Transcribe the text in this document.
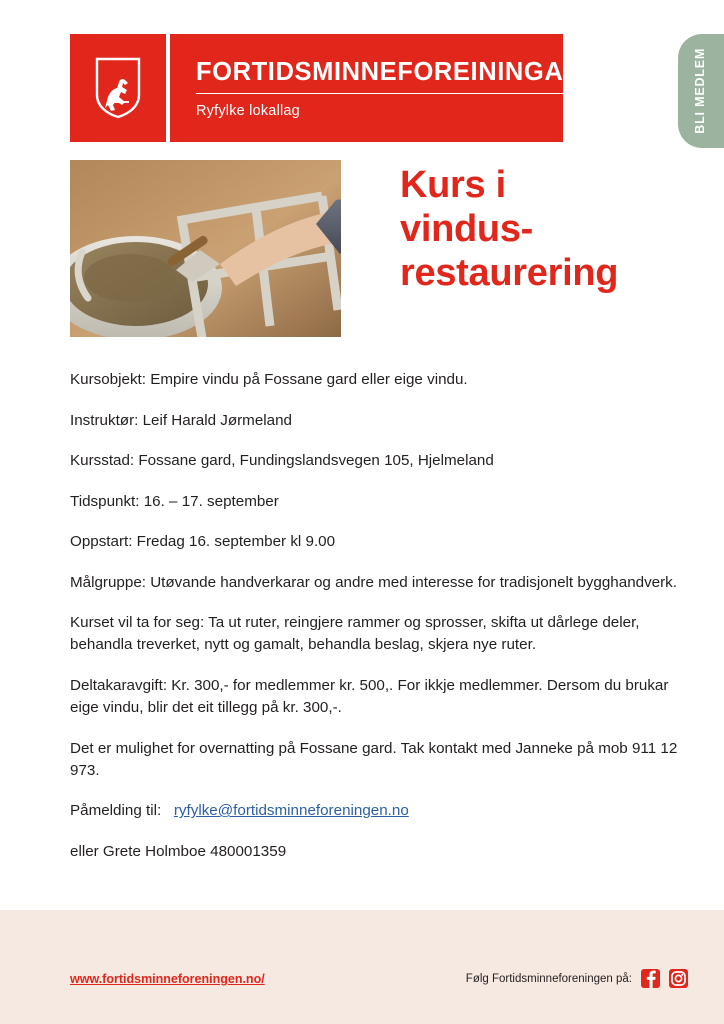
FORTIDSMINNEFOREININGA
Ryfylke lokallag	BLI MEDLEM
Kurs i
vindus-
restaurering

Kursobjekt: Empire vindu på Fossane gard eller eige vindu.

Instruktør: Leif Harald Jørmeland

Kursstad: Fossane gard, Fundingslandsvegen 105, Hjelmeland

Tidspunkt: 16. – 17. september

Oppstart: Fredag 16. september kl 9.00

Målgruppe: Utøvande handverkarar og andre med interesse for tradisjonelt bygghandverk.

Kurset vil ta for seg: Ta ut ruter, reingjere rammer og sprosser, skifta ut dårlege deler, behandla treverket, nytt og gamalt, behandla beslag, skjera nye ruter.

Deltakaravgift: Kr. 300,- for medlemmer kr. 500,. For ikkje medlemmer. Dersom du brukar eige vindu, blir det eit tillegg på kr. 300,-.

Det er mulighet for overnatting på Fossane gard. Tak kontakt med Janneke på mob 911 12 973.

Påmelding til: ryfylke@fortidsminneforeningen.no

eller Grete Holmboe 480001359

www.fortidsminneforeningen.no/	Følg Fortidsminneforeningen på:
